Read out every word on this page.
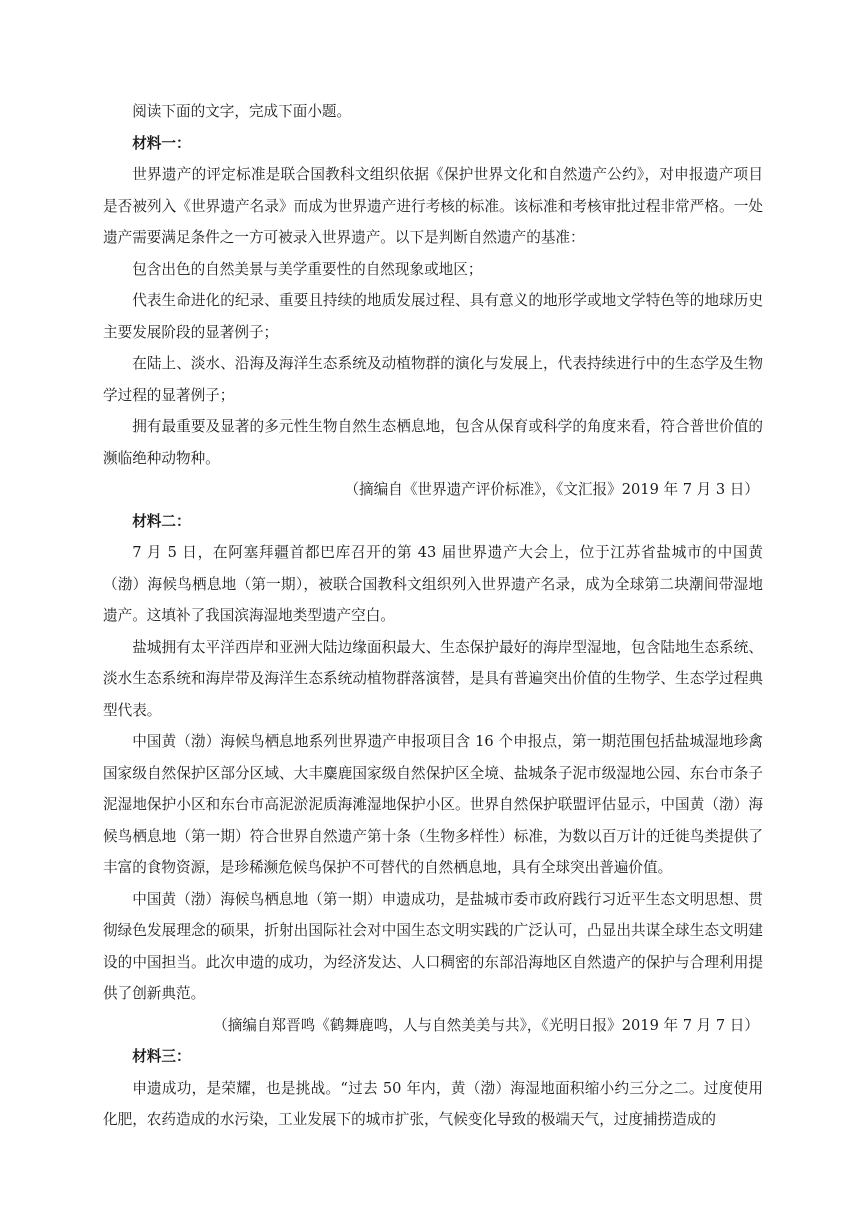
阅读下面的文字，完成下面小题。

材料一：

世界遗产的评定标准是联合国教科文组织依据《保护世界文化和自然遗产公约》，对申报遗产项目是否被列入《世界遗产名录》而成为世界遗产进行考核的标准。该标准和考核审批过程非常严格。一处遗产需要满足条件之一方可被录入世界遗产。以下是判断自然遗产的基准：

包含出色的自然美景与美学重要性的自然现象或地区；

代表生命进化的纪录、重要且持续的地质发展过程、具有意义的地形学或地文学特色等的地球历史主要发展阶段的显著例子；

在陆上、淡水、沿海及海洋生态系统及动植物群的演化与发展上，代表持续进行中的生态学及生物学过程的显著例子；

拥有最重要及显著的多元性生物自然生态栖息地，包含从保育或科学的角度来看，符合普世价值的濒临绝种动物种。

（摘编自《世界遗产评价标准》，《文汇报》2019 年 7 月 3 日）

材料二：

7 月 5 日，在阿塞拜疆首都巴库召开的第 43 届世界遗产大会上，位于江苏省盐城市的中国黄（渤）海候鸟栖息地（第一期），被联合国教科文组织列入世界遗产名录，成为全球第二块潮间带湿地遗产。这填补了我国滨海湿地类型遗产空白。

盐城拥有太平洋西岸和亚洲大陆边缘面积最大、生态保护最好的海岸型湿地，包含陆地生态系统、淡水生态系统和海岸带及海洋生态系统动植物群落演替，是具有普遍突出价值的生物学、生态学过程典型代表。

中国黄（渤）海候鸟栖息地系列世界遗产申报项目含 16 个申报点，第一期范围包括盐城湿地珍禽国家级自然保护区部分区域、大丰麋鹿国家级自然保护区全境、盐城条子泥市级湿地公园、东台市条子泥湿地保护小区和东台市高泥淤泥质海滩湿地保护小区。世界自然保护联盟评估显示，中国黄（渤）海候鸟栖息地（第一期）符合世界自然遗产第十条（生物多样性）标准，为数以百万计的迁徙鸟类提供了丰富的食物资源，是珍稀濒危候鸟保护不可替代的自然栖息地，具有全球突出普遍价值。

中国黄（渤）海候鸟栖息地（第一期）申遗成功，是盐城市委市政府践行习近平生态文明思想、贯彻绿色发展理念的硕果，折射出国际社会对中国生态文明实践的广泛认可，凸显出共谋全球生态文明建设的中国担当。此次申遗的成功，为经济发达、人口稠密的东部沿海地区自然遗产的保护与合理利用提供了创新典范。

（摘编自郑晋鸣《鹤舞鹿鸣，人与自然美美与共》，《光明日报》2019 年 7 月 7 日）

材料三：

申遗成功，是荣耀，也是挑战。“过去 50 年内，黄（渤）海湿地面积缩小约三分之二。过度使用化肥，农药造成的水污染，工业发展下的城市扩张，气候变化导致的极端天气，过度捕捞造成的
